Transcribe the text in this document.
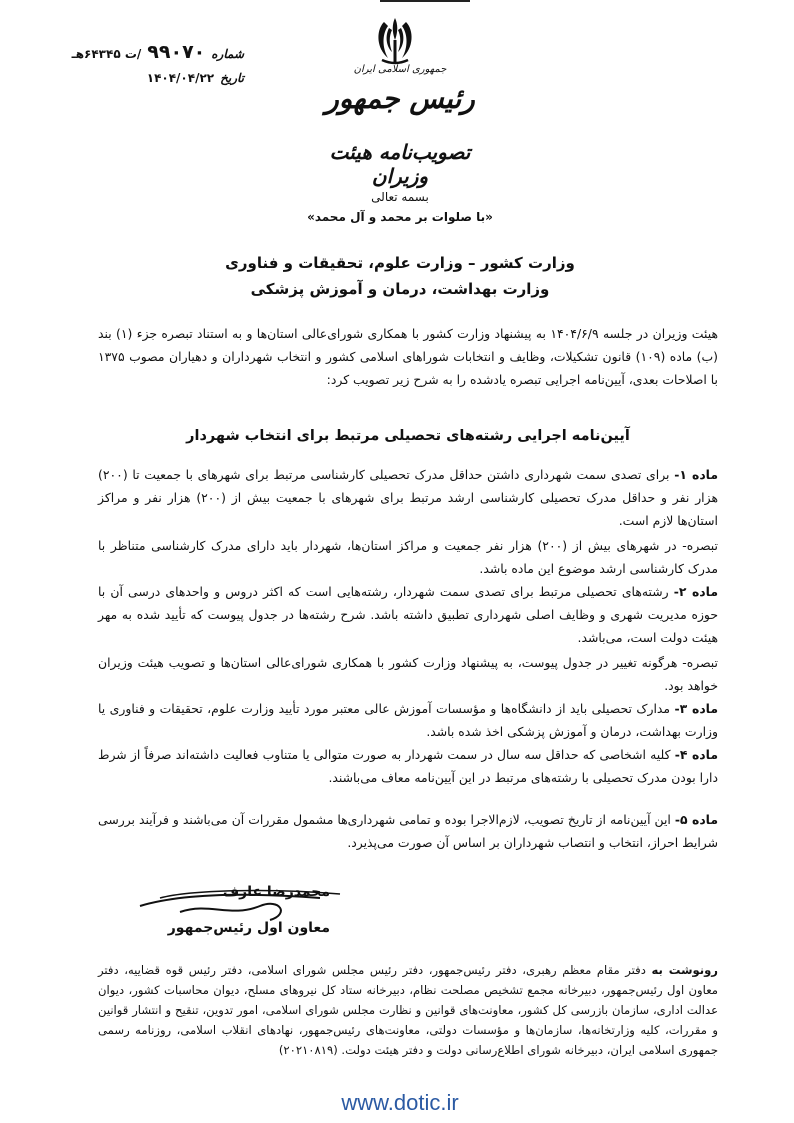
شماره
۹۹۰۷۰
/ت ۶۴۳۴۵هـ
تاریخ
۱۴۰۴/۰۴/۲۲
جمهوری اسلامی ایران
رئیس جمهور
تصویب‌نامه هیئت وزیران
بسمه تعالی
«با صلوات بر محمد و آل محمد»
وزارت کشور – وزارت علوم، تحقیقات و فناوری
وزارت بهداشت، درمان و آموزش پزشکی
هیئت وزیران در جلسه ۱۴۰۴/۶/۹ به پیشنهاد وزارت کشور با همکاری شورای‌عالی استان‌ها و به استناد تبصره جزء (۱) بند (ب) ماده (۱۰۹) قانون تشکیلات، وظایف و انتخابات شوراهای اسلامی کشور و انتخاب شهرداران و دهیاران مصوب ۱۳۷۵ با اصلاحات بعدی، آیین‌نامه اجرایی تبصره یادشده را به شرح زیر تصویب کرد:
آیین‌نامه اجرایی رشته‌های تحصیلی مرتبط برای انتخاب شهردار
ماده ۱- برای تصدی سمت شهرداری داشتن حداقل مدرک تحصیلی کارشناسی مرتبط برای شهرهای با جمعیت تا (۲۰۰) هزار نفر و حداقل مدرک تحصیلی کارشناسی ارشد مرتبط برای شهرهای با جمعیت بیش از (۲۰۰) هزار نفر و مراکز استان‌ها لازم است.
تبصره- در شهرهای بیش از (۲۰۰) هزار نفر جمعیت و مراکز استان‌ها، شهردار باید دارای مدرک کارشناسی متناظر با مدرک کارشناسی ارشد موضوع این ماده باشد.
ماده ۲- رشته‌های تحصیلی مرتبط برای تصدی سمت شهردار، رشته‌هایی است که اکثر دروس و واحدهای درسی آن با حوزه مدیریت شهری و وظایف اصلی شهرداری تطبیق داشته باشد. شرح رشته‌ها در جدول پیوست که تأیید شده به مهر هیئت دولت است، می‌باشد.
تبصره- هرگونه تغییر در جدول پیوست، به پیشنهاد وزارت کشور با همکاری شورای‌عالی استان‌ها و تصویب هیئت وزیران خواهد بود.
ماده ۳- مدارک تحصیلی باید از دانشگاه‌ها و مؤسسات آموزش عالی معتبر مورد تأیید وزارت علوم، تحقیقات و فناوری یا وزارت بهداشت، درمان و آموزش پزشکی اخذ شده باشد.
ماده ۴- کلیه اشخاصی که حداقل سه سال در سمت شهردار به صورت متوالی یا متناوب فعالیت داشته‌اند صرفاً از شرط دارا بودن مدرک تحصیلی با رشته‌های مرتبط در این آیین‌نامه معاف می‌باشند.
ماده ۵- این آیین‌نامه از تاریخ تصویب، لازم‌الاجرا بوده و تمامی شهرداری‌ها مشمول مقررات آن می‌باشند و فرآیند بررسی شرایط احراز، انتخاب و انتصاب شهرداران بر اساس آن صورت می‌پذیرد.
محمدرضا عارف
معاون اول رئیس‌جمهور
رونوشت به دفتر مقام معظم رهبری، دفتر رئیس‌جمهور، دفتر رئیس مجلس شورای اسلامی، دفتر رئیس قوه قضاییه، دفتر معاون اول رئیس‌جمهور، دبیرخانه مجمع تشخیص مصلحت نظام، دبیرخانه ستاد کل نیروهای مسلح، دیوان محاسبات کشور، دیوان عدالت اداری، سازمان بازرسی کل کشور، معاونت‌های قوانین و نظارت مجلس شورای اسلامی، امور تدوین، تنقیح و انتشار قوانین و مقررات، کلیه وزارتخانه‌ها، سازمان‌ها و مؤسسات دولتی، معاونت‌های رئیس‌جمهور، نهادهای انقلاب اسلامی، روزنامه رسمی جمهوری اسلامی ایران، دبیرخانه شورای اطلاع‌رسانی دولت و دفتر هیئت دولت. (۲۰۲۱۰۸۱۹)
www.dotic.ir
